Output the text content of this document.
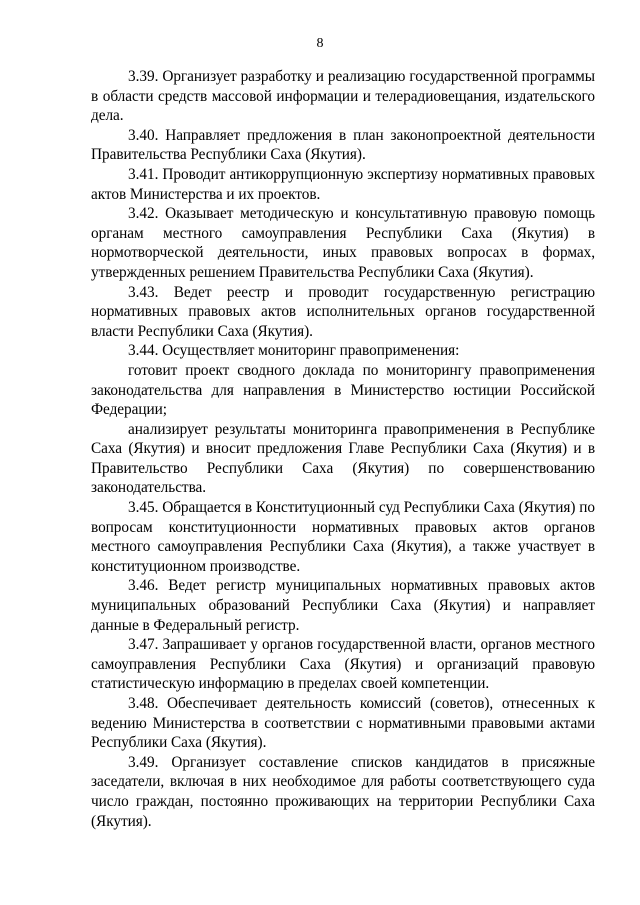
8

3.39. Организует разработку и реализацию государственной программы в области средств массовой информации и телерадиовещания, издательского дела.

3.40. Направляет предложения в план законопроектной деятельности Правительства Республики Саха (Якутия).

3.41. Проводит антикоррупционную экспертизу нормативных правовых актов Министерства и их проектов.

3.42. Оказывает методическую и консультативную правовую помощь органам местного самоуправления Республики Саха (Якутия) в нормотворческой деятельности, иных правовых вопросах в формах, утвержденных решением Правительства Республики Саха (Якутия).

3.43. Ведет реестр и проводит государственную регистрацию нормативных правовых актов исполнительных органов государственной власти Республики Саха (Якутия).

3.44. Осуществляет мониторинг правоприменения:

готовит проект сводного доклада по мониторингу правоприменения законодательства для направления в Министерство юстиции Российской Федерации;

анализирует результаты мониторинга правоприменения в Республике Саха (Якутия) и вносит предложения Главе Республики Саха (Якутия) и в Правительство Республики Саха (Якутия) по совершенствованию законодательства.

3.45. Обращается в Конституционный суд Республики Саха (Якутия) по вопросам конституционности нормативных правовых актов органов местного самоуправления Республики Саха (Якутия), а также участвует в конституционном производстве.

3.46. Ведет регистр муниципальных нормативных правовых актов муниципальных образований Республики Саха (Якутия) и направляет данные в Федеральный регистр.

3.47. Запрашивает у органов государственной власти, органов местного самоуправления Республики Саха (Якутия) и организаций правовую статистическую информацию в пределах своей компетенции.

3.48. Обеспечивает деятельность комиссий (советов), отнесенных к ведению Министерства в соответствии с нормативными правовыми актами Республики Саха (Якутия).

3.49. Организует составление списков кандидатов в присяжные заседатели, включая в них необходимое для работы соответствующего суда число граждан, постоянно проживающих на территории Республики Саха (Якутия).
